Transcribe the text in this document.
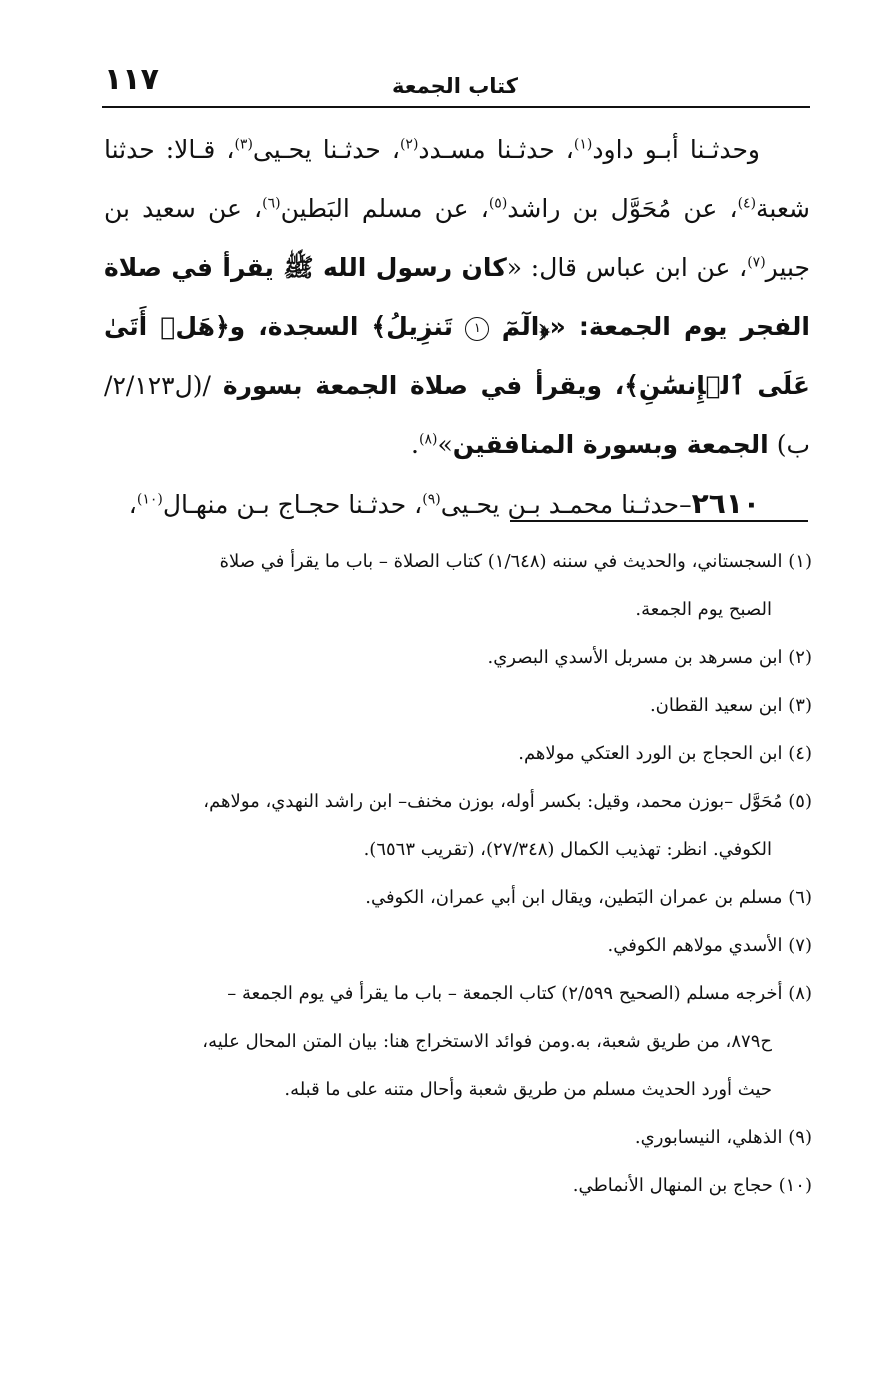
١١٧	كتاب الجمعة

وحدثـنا أبـو داود$^{(١)}$، حدثـنا مسـدد$^{(٢)}$، حدثـنا يحـيى$^{(٣)}$، قـالا: حدثنا شعبة$^{(٤)}$، عن مُحَوَّل بن راشد$^{(٥)}$، عن مسلم البَطين$^{(٦)}$، عن سعيد بن جبير$^{(٧)}$، عن ابن عباس قال: «كان رسول الله ﷺ يقرأ في صلاة الفجر يوم الجمعة: «﴿الٓمٓ ١ تَنزِيلُ﴾ السجدة، و﴿هَلۡ أَتَىٰ عَلَى ٱلۡإِنسَٰنِ﴾، ويقرأ في صلاة الجمعة بسورة /(ل٢/١٢٣/ب) الجمعة وبسورة المنافقين»$^{(٨)}$.

٢٦١٠–حدثـنا محمـد بـن يحـيى$^{(٩)}$، حدثـنا حجـاج بـن منهـال$^{(١٠)}$،

(١) السجستاني، والحديث في سننه (١/٦٤٨) كتاب الصلاة – باب ما يقرأ في صلاة
الصبح يوم الجمعة.
(٢) ابن مسرهد بن مسربل الأسدي البصري.
(٣) ابن سعيد القطان.
(٤) ابن الحجاج بن الورد العتكي مولاهم.
(٥) مُحَوَّل –بوزن محمد، وقيل: بكسر أوله، بوزن مخنف– ابن راشد النهدي، مولاهم،
الكوفي. انظر: تهذيب الكمال (٢٧/٣٤٨)، (تقريب ٦٥٦٣).
(٦) مسلم بن عمران البَطين، ويقال ابن أبي عمران، الكوفي.
(٧) الأسدي مولاهم الكوفي.
(٨) أخرجه مسلم (الصحيح ٢/٥٩٩) كتاب الجمعة – باب ما يقرأ في يوم الجمعة –
ح٨٧٩، من طريق شعبة، به.ومن فوائد الاستخراج هنا: بيان المتن المحال عليه،
حيث أورد الحديث مسلم من طريق شعبة وأحال متنه على ما قبله.
(٩) الذهلي، النيسابوري.
(١٠) حجاج بن المنهال الأنماطي.
